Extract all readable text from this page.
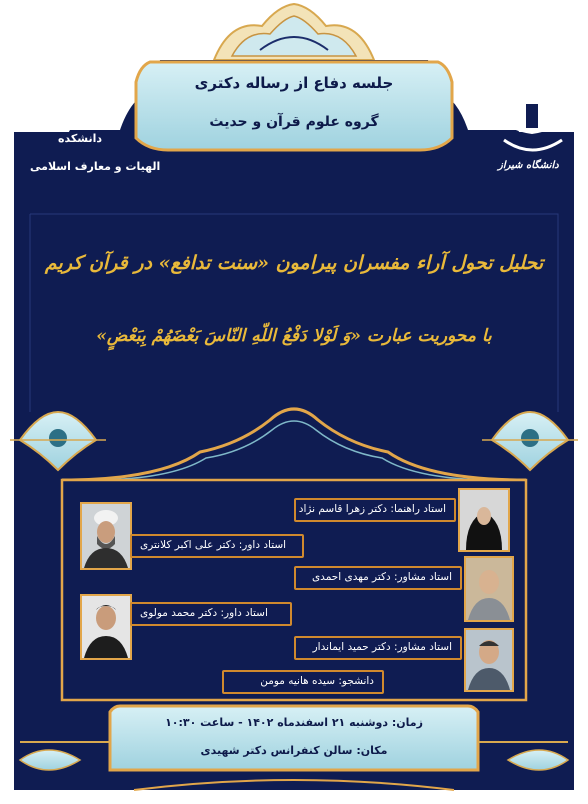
جلسه دفاع از رساله دکتری
گروه علوم قرآن و حدیث
دانشکده
الهیات و معارف اسلامی	دانشگاه شیراز
تحلیل تحول آراء مفسران پیرامون «سنت تدافع» در قرآن کریم
با محوریت عبارت «وَ لَوْلا دَفْعُ اللّهِ النّاسَ بَعْضَهُمْ بِبَعْضٍ»
استاد راهنما: دکتر زهرا قاسم نژاد
استاد داور: دکتر علی اکبر کلانتری
استاد مشاور: دکتر مهدی احمدی
استاد داور: دکتر محمد مولوی
استاد مشاور: دکتر حمید ایماندار
دانشجو: سیده هانیه مومن
زمان: دوشنبه ۲۱ اسفندماه ۱۴۰۲ - ساعت ۱۰:۳۰
مکان: سالن کنفرانس دکتر شهیدی
